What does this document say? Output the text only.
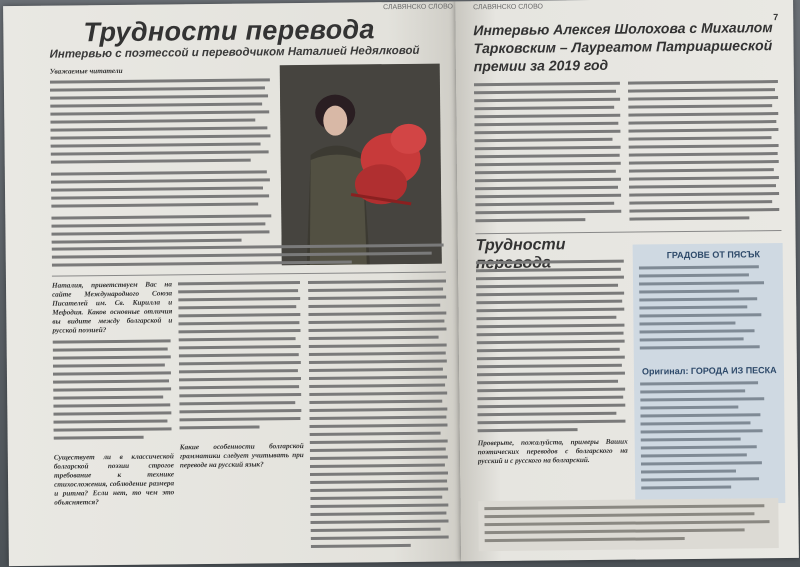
СЛАВЯНСКО СЛОВО
Трудности перевода
Интервью с поэтессой и переводчиком Наталией Недялковой
Уважаемые читатели
Наталия, приветствуем Вас на сайте Международного Союза Писателей им. Св. Кирилла и Мефодия. Каков основные отличия вы видите между болгарской и русской поэзией?
Существует ли в классической болгарской поэзии строгое требование к технике стихосложения, соблюдение размера и ритма? Если нет, то чем это объясняется?
Какие особенности болгарской грамматики следует учитывать при переводе на русский язык?
СЛАВЯНСКО СЛОВО
7
Интервью Алексея Шолохова с Михаилом Тарковским – Лауреатом Патриаршеской премии за 2019 год
Трудности
Проверьте, пожалуйста, примеры Ваших поэтических переводов с болгарского на русский и с русского на болгарский.
ГРАДОВЕ ОТ ПЯСЪК
Оригинал: ГОРОДА ИЗ ПЕСКА
